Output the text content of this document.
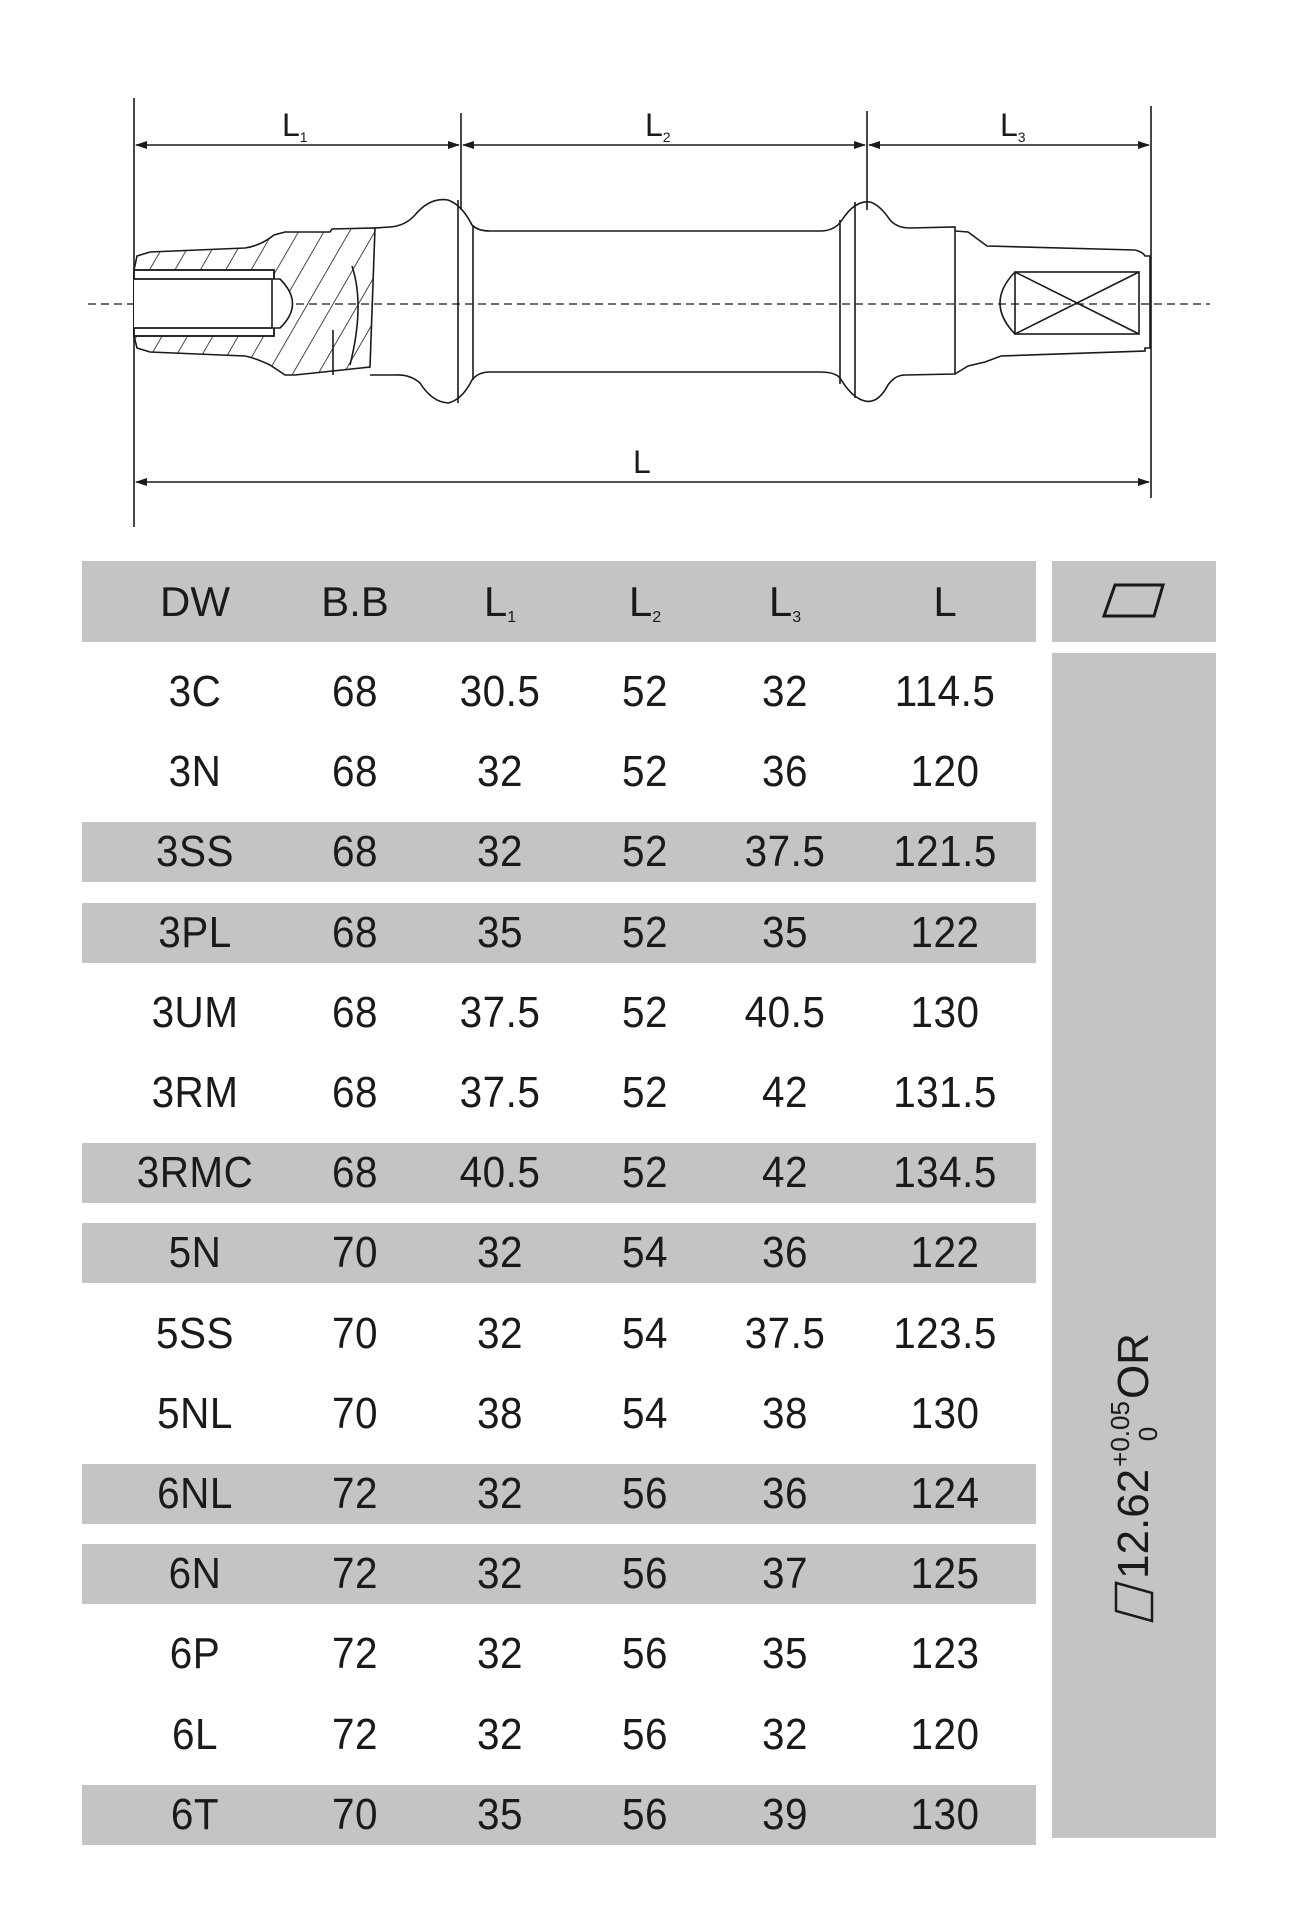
L1	L2	L3
L
DW	B.B	$L_1$	$L_2$	$L_3$	L
3C	68	30.5	52	32	114.5
3N	68	32	52	36	120
3SS	68	32	52	37.5	121.5
3PL	68	35	52	35	122
3UM	68	37.5	52	40.5	130
3RM	68	37.5	52	42	131.5
3RMC	68	40.5	52	42	134.5
5N	70	32	54	36	122
5SS	70	32	54	37.5	123.5
5NL	70	38	54	38	130
6NL	72	32	56	36	124
6N	72	32	56	37	125
6P	72	32	56	35	123
6L	72	32	56	32	120
6T	70	35	56	39	130
12.62
+0.05
0
OR
